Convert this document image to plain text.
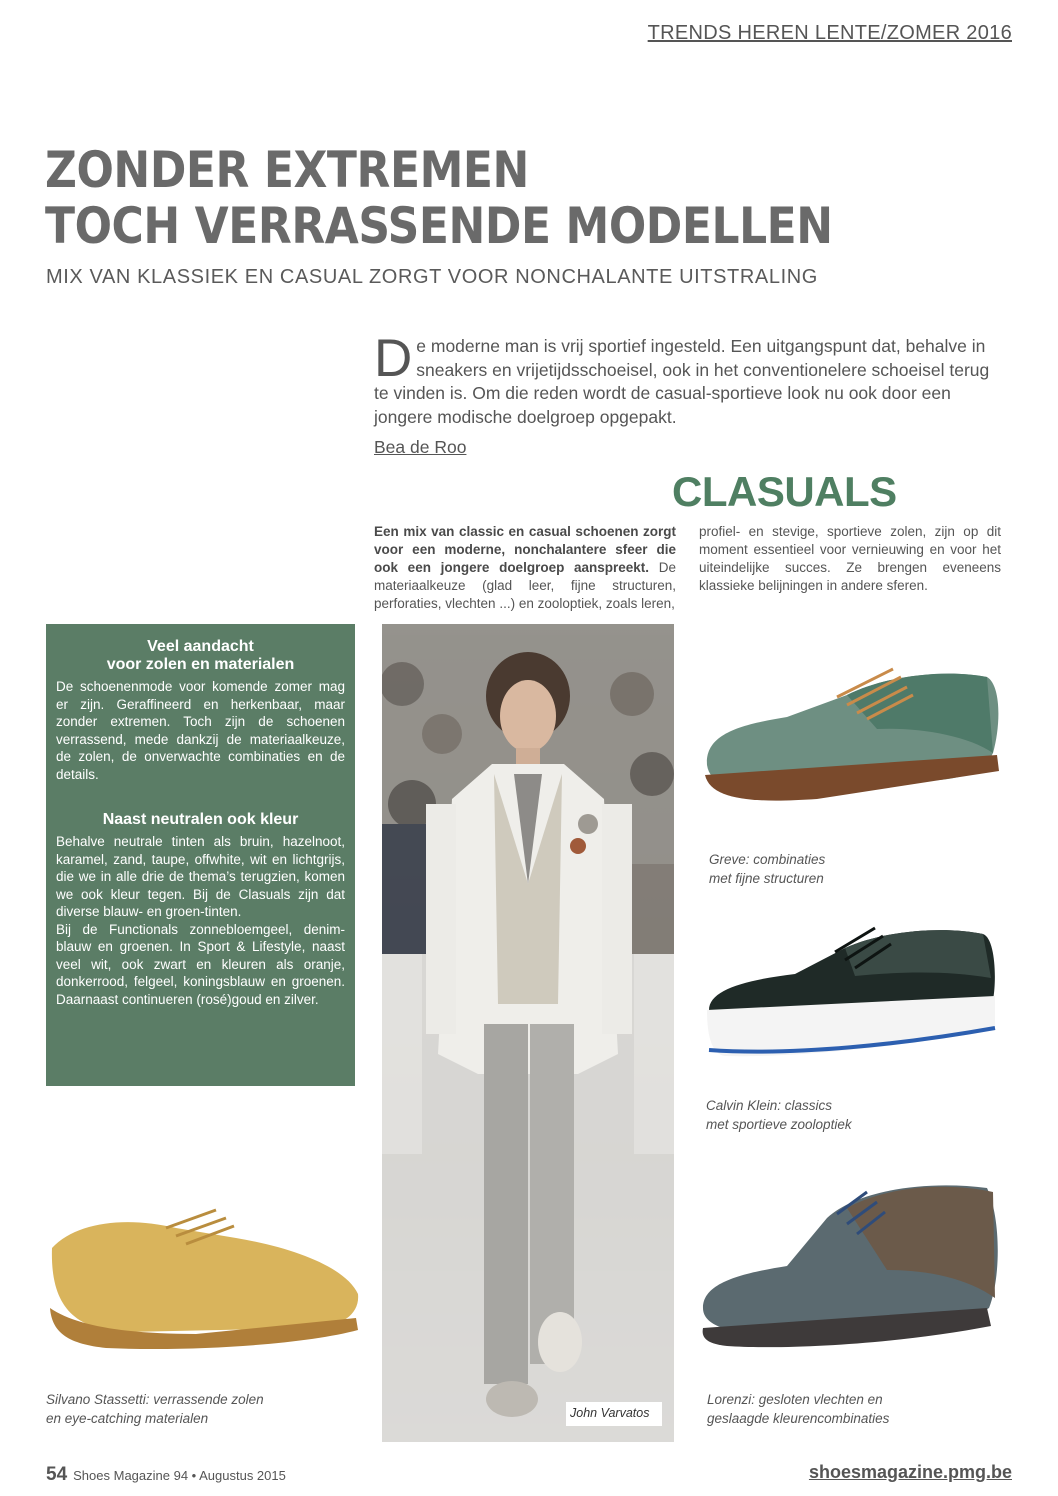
TRENDS HEREN LENTE/ZOMER 2016
ZONDER EXTREMEN
TOCH VERRASSENDE MODELLEN
MIX VAN KLASSIEK EN CASUAL ZORGT VOOR NONCHALANTE UITSTRALING

De moderne man is vrij sportief ingesteld. Een uitgangspunt dat, behalve in sneakers en vrijetijdsschoeisel, ook in het conventionelere schoeisel terug te vinden is. Om die reden wordt de casual-sportieve look nu ook door een jongere modische doelgroep opgepakt.

Bea de Roo
CLASUALS
Een mix van classic en casual schoenen zorgt voor een moderne, nonchalantere sfeer die ook een jongere doelgroep aanspreekt. De materiaalkeuze (glad leer, fijne structuren, perforaties, vlechten ...) en zooloptiek, zoals leren,
profiel- en stevige, sportieve zolen, zijn op dit moment essentieel voor vernieuwing en voor het uiteindelijke succes. Ze brengen eveneens klassieke belijningen in andere sferen.
Veel aandacht
voor zolen en materialen

De schoenenmode voor komende zomer mag er zijn. Geraffineerd en herkenbaar, maar zonder extremen. Toch zijn de schoenen verrassend, mede dankzij de materiaalkeuze, de zolen, de onverwachte combinaties en de details.

Naast neutralen ook kleur

Behalve neutrale tinten als bruin, hazelnoot, karamel, zand, taupe, offwhite, wit en lichtgrijs, die we in alle drie de thema’s terugzien, komen we ook kleur tegen. Bij de Clasuals zijn dat diverse blauw- en groen-tinten.
Bij de Functionals zonnebloemgeel, denim-blauw en groenen. In Sport & Lifestyle, naast veel wit, ook zwart en kleuren als oranje, donkerrood, felgeel, koningsblauw en groenen. Daarnaast continueren (rosé)goud en zilver.

John Varvatos
Greve: combinaties
met fijne structuren
Calvin Klein: classics
met sportieve zooloptiek
Silvano Stassetti: verrassende zolen
en eye-catching materialen
Lorenzi: gesloten vlechten en
geslaagde kleurencombinaties
54 Shoes Magazine 94 • Augustus 2015	shoesmagazine.pmg.be
